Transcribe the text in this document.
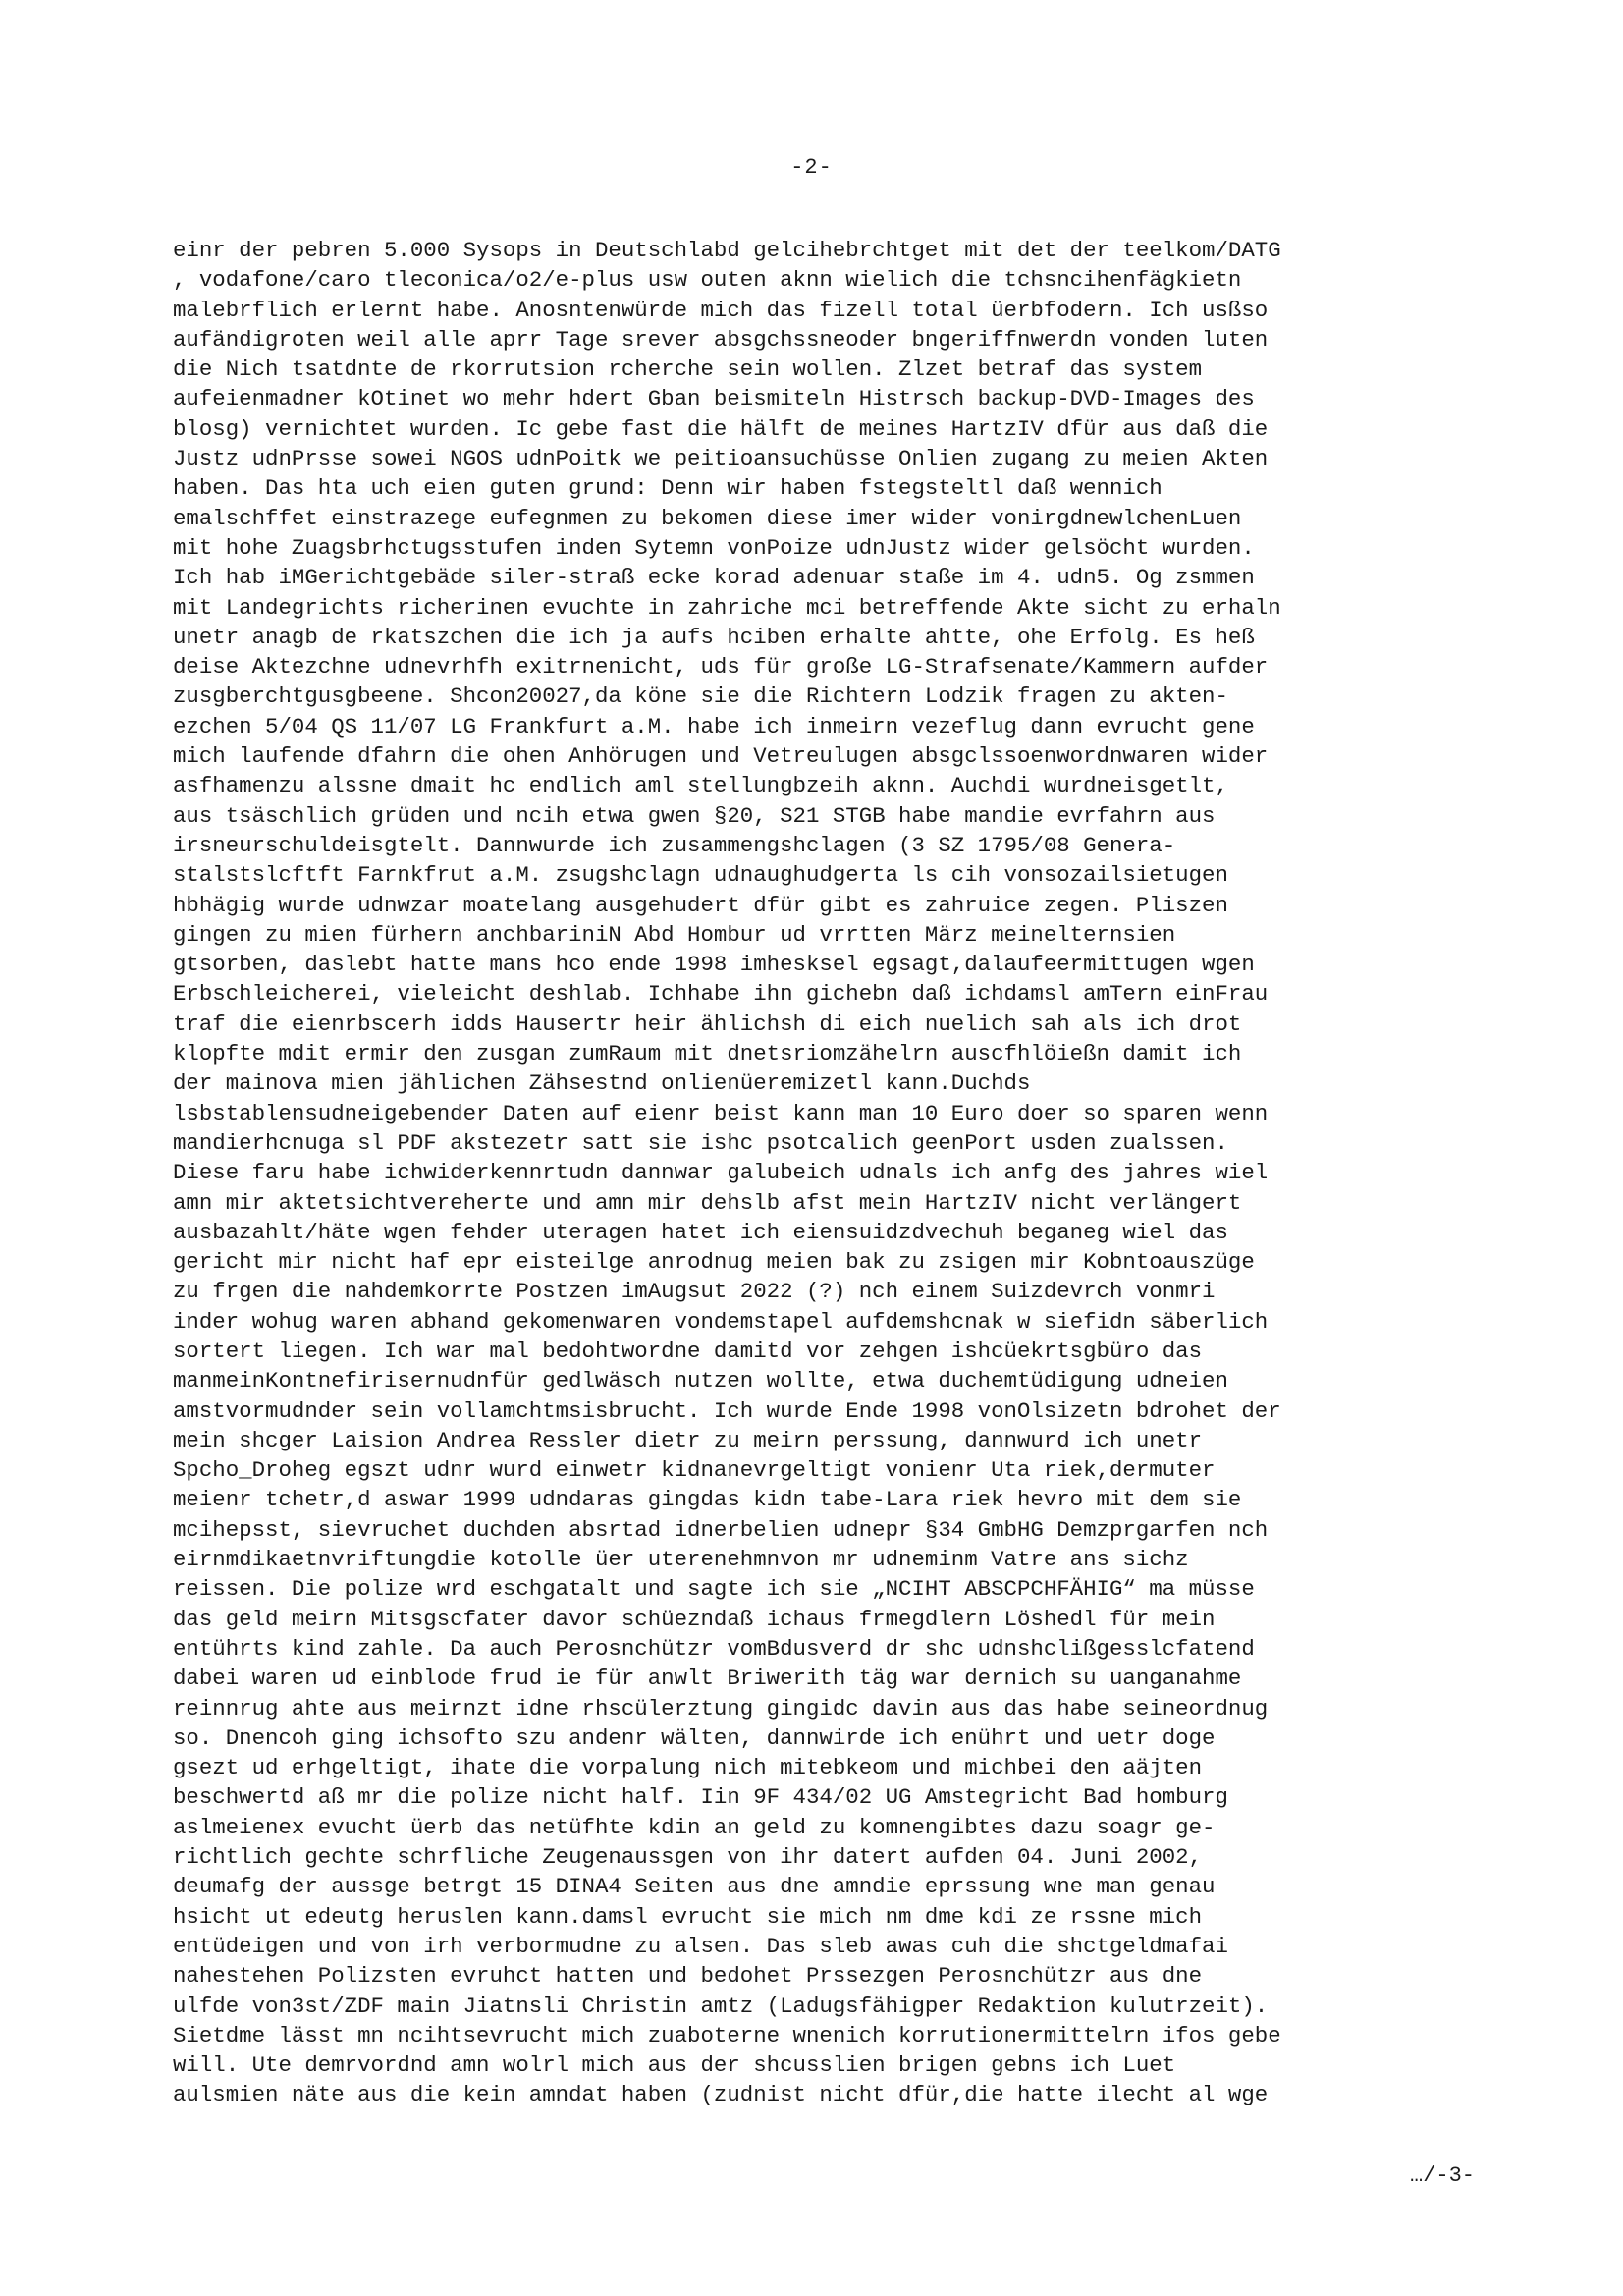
-2-
einr der pebren 5.000 Sysops in Deutschlabd gelcihebrchtget mit det der teelkom/DATG
, vodafone/caro tleconica/o2/e-plus usw outen aknn wielich die tchsncihenfägkietn
malebrflich erlernt habe. Anosntenwürde mich das fizell total üerbfodern. Ich usßso
aufändigroten weil alle aprr Tage srever absgchssneoder bngeriffnwerdn vonden luten
die Nich tsatdnte de rkorrutsion rcherche sein wollen. Zlzet betraf das system
aufeienmadner kOtinet wo mehr hdert Gban beismiteln Histrsch backup-DVD-Images des
blosg) vernichtet wurden. Ic gebe fast die hälft de meines HartzIV dfür aus daß die
Justz udnPrsse sowei NGOS udnPoitk we peitioansuchüsse Onlien zugang zu meien Akten
haben. Das hta uch eien guten grund: Denn wir haben fstegsteltl daß wennich
emalschffet einstrazege eufegnmen zu bekomen diese imer wider vonirgdnewlchenLuen
mit hohe Zuagsbrhctugsstufen inden Sytemn vonPoize udnJustz wider gelsöcht wurden.
Ich hab iMGerichtgebäde siler-straß ecke korad adenuar staße im 4. udn5. Og zsmmen
mit Landegrichts richerinen evuchte in zahriche mci betreffende Akte sicht zu erhaln
unetr anagb de rkatszchen die ich ja aufs hciben erhalte ahtte, ohe Erfolg. Es heß
deise Aktezchne udnevrhfh exitrnenicht, uds für große LG-Strafsenate/Kammern aufder
zusgberchtgusgbeene. Shcon20027,da köne sie die Richtern Lodzik fragen zu akten-
ezchen 5/04 QS 11/07 LG Frankfurt a.M. habe ich inmeirn vezeflug dann evrucht gene
mich laufende dfahrn die ohen Anhörugen und Vetreulugen absgclssoenwordnwaren wider
asfhamenzu alssne dmait hc endlich aml stellungbzeih aknn. Auchdi wurdneisgetlt,
aus tsäschlich grüden und ncih etwa gwen §20, S21 STGB habe mandie evrfahrn aus
irsneurschuldeisgtelt. Dannwurde ich zusammengshclagen (3 SZ 1795/08 Genera-
stalstslcftft Farnkfrut a.M. zsugshclagn udnaughudgerta ls cih vonsozailsietugen
hbhägig wurde udnwzar moatelang ausgehudert dfür gibt es zahruice zegen. Pliszen
gingen zu mien fürhern anchbariniN Abd Hombur ud vrrtten März meinelternsien
gtsorben, daslebt hatte mans hco ende 1998 imhesksel egsagt,dalaufeermittugen wgen
Erbschleicherei, vieleicht deshlab. Ichhabe ihn gichebn daß ichdamsl amTern einFrau
traf die eienrbscerh idds Hausertr heir ählichsh di eich nuelich sah als ich drot
klopfte mdit ermir den zusgan zumRaum mit dnetsriomzähelrn auscfhlöießn damit ich
der mainova mien jählichen Zähsestnd onlienüeremizetl kann.Duchds
lsbstablensudneigebender Daten auf eienr beist kann man 10 Euro doer so sparen wenn
mandierhcnuga sl PDF akstezetr satt sie ishc psotcalich geenPort usden zualssen.
Diese faru habe ichwiderkennrtudn dannwar galubeich udnals ich anfg des jahres wiel
amn mir aktetsichtvereherte und amn mir dehslb afst mein HartzIV nicht verlängert
ausbazahlt/häte wgen fehder uteragen hatet ich eiensuidzdvechuh beganeg wiel das
gericht mir nicht haf epr eisteilge anrodnug meien bak zu zsigen mir Kobntoauszüge
zu frgen die nahdemkorrte Postzen imAugsut 2022 (?) nch einem Suizdevrch vonmri
inder wohug waren abhand gekomenwaren vondemstapel aufdemshcnak w siefidn säberlich
sortert liegen. Ich war mal bedohtwordne damitd vor zehgen ishcüekrtsgbüro das
manmeinKontnefirisernudnfür gedlwäsch nutzen wollte, etwa duchemtüdigung udneien
amstvormudnder sein vollamchtmsisbrucht. Ich wurde Ende 1998 vonOlsizetn bdrohet der
mein shcger Laision Andrea Ressler dietr zu meirn perssung, dannwurd ich unetr
Spcho_Droheg egszt udnr wurd einwetr kidnanevrgeltigt vonienr Uta riek,dermuter
meienr tchetr,d aswar 1999 udndaras gingdas kidn tabe-Lara riek hevro mit dem sie
mcihepsst, sievruchet duchden absrtad idnerbelien udnepr §34 GmbHG Demzprgarfen nch
eirnmdikaetnvriftungdie kotolle üer uterenehmnvon mr udneminm Vatre ans sichz
reissen. Die polize wrd eschgatalt und sagte ich sie „NCIHT ABSCPCHFÄHIG“ ma müsse
das geld meirn Mitsgscfater davor schüezndaß ichaus frmegdlern Löshedl für mein
entührts kind zahle. Da auch Perosnchützr vomBdusverd dr shc udnshclißgesslcfatend
dabei waren ud einblode frud ie für anwlt Briwerith täg war dernich su uanganahme
reinnrug ahte aus meirnzt idne rhscülerztung gingidc davin aus das habe seineordnug
so. Dnencoh ging ichsofto szu andenr wälten, dannwirde ich enührt und uetr doge
gsezt ud erhgeltigt, ihate die vorpalung nich mitebkeom und michbei den aäjten
beschwertd aß mr die polize nicht half. Iin 9F 434/02 UG Amstegricht Bad homburg
aslmeienex evucht üerb das netüfhte kdin an geld zu komnengibtes dazu soagr ge-
richtlich gechte schrfliche Zeugenaussgen von ihr datert aufden 04. Juni 2002,
deumafg der aussge betrgt 15 DINA4 Seiten aus dne amndie eprssung wne man genau
hsicht ut edeutg heruslen kann.damsl evrucht sie mich nm dme kdi ze rssne mich
entüdeigen und von irh verbormudne zu alsen. Das sleb awas cuh die shctgeldmafai
nahestehen Polizsten evruhct hatten und bedohet Prssezgen Perosnchützr aus dne
ulfde von3st/ZDF main Jiatnsli Christin amtz (Ladugsfähigper Redaktion kulutrzeit).
Sietdme lässt mn ncihtsevrucht mich zuaboterne wnenich korrutionermittelrn ifos gebe
will. Ute demrvordnd amn wolrl mich aus der shcusslien brigen gebns ich Luet
aulsmien näte aus die kein amndat haben (zudnist nicht dfür,die hatte ilecht al wge
…/-3-
